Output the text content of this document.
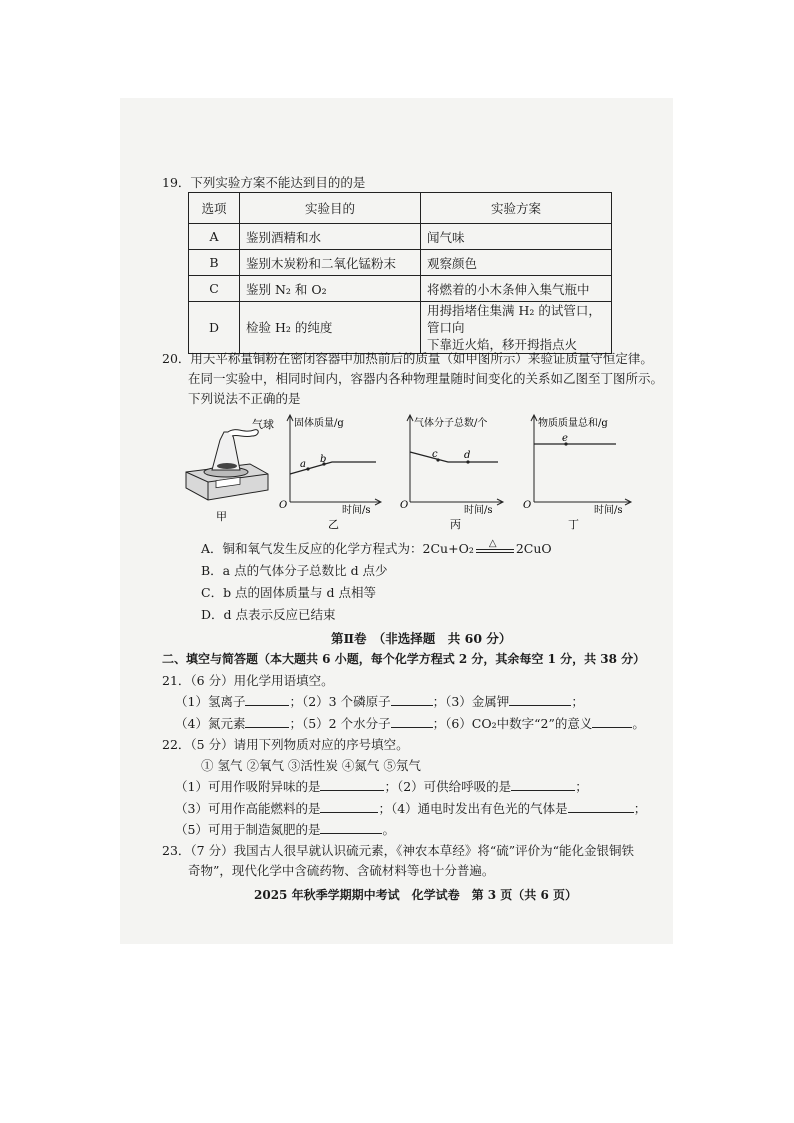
19．下列实验方案不能达到目的的是
选项	实验目的	实验方案
A	鉴别酒精和水	闻气味
B	鉴别木炭粉和二氧化锰粉末	观察颜色
C	鉴别 N₂ 和 O₂	将燃着的小木条伸入集气瓶中
D	检验 H₂ 的纯度	用拇指堵住集满 H₂ 的试管口，管口向
下靠近火焰，移开拇指点火
20．用天平称量铜粉在密闭容器中加热前后的质量（如甲图所示）来验证质量守恒定律。
在同一实验中，相同时间内，容器内各种物理量随时间变化的关系如乙图至丁图所示。
下列说法不正确的是
气球
甲
a b
固体质量/g
O	时间/s
乙
c	d
气体分子总数/个
O	时间/s
丙
e
物质质量总和/g
O	时间/s
丁
A．铜和氧气发生反应的化学方程式为：2Cu+O₂ △ 2CuO
B．a 点的气体分子总数比 d 点少
C．b 点的固体质量与 d 点相等
D．d 点表示反应已结束
第Ⅱ卷　（非选择题　共 60 分）
二、填空与简答题（本大题共 6 小题，每个化学方程式 2 分，其余每空 1 分，共 38 分）
21．（6 分）用化学用语填空。
（1）氢离子	；（2）3 个磷原子	；（3）金属钾	；
（4）氮元素	；（5）2 个水分子	；（6）CO₂中数字“2”的意义	。
22．（5 分）请用下列物质对应的序号填空。
① 氢气 ②氧气 ③活性炭 ④氮气 ⑤氖气
（1）可用作吸附异味的是	；（2）可供给呼吸的是	；
（3）可用作高能燃料的是	；（4）通电时发出有色光的气体是	；
（5）可用于制造氮肥的是	。
23．（7 分）我国古人很早就认识硫元素，《神农本草经》将“硫”评价为“能化金银铜铁
奇物”，现代化学中含硫药物、含硫材料等也十分普遍。
2025 年秋季学期期中考试　化学试卷　第 3 页（共 6 页）
